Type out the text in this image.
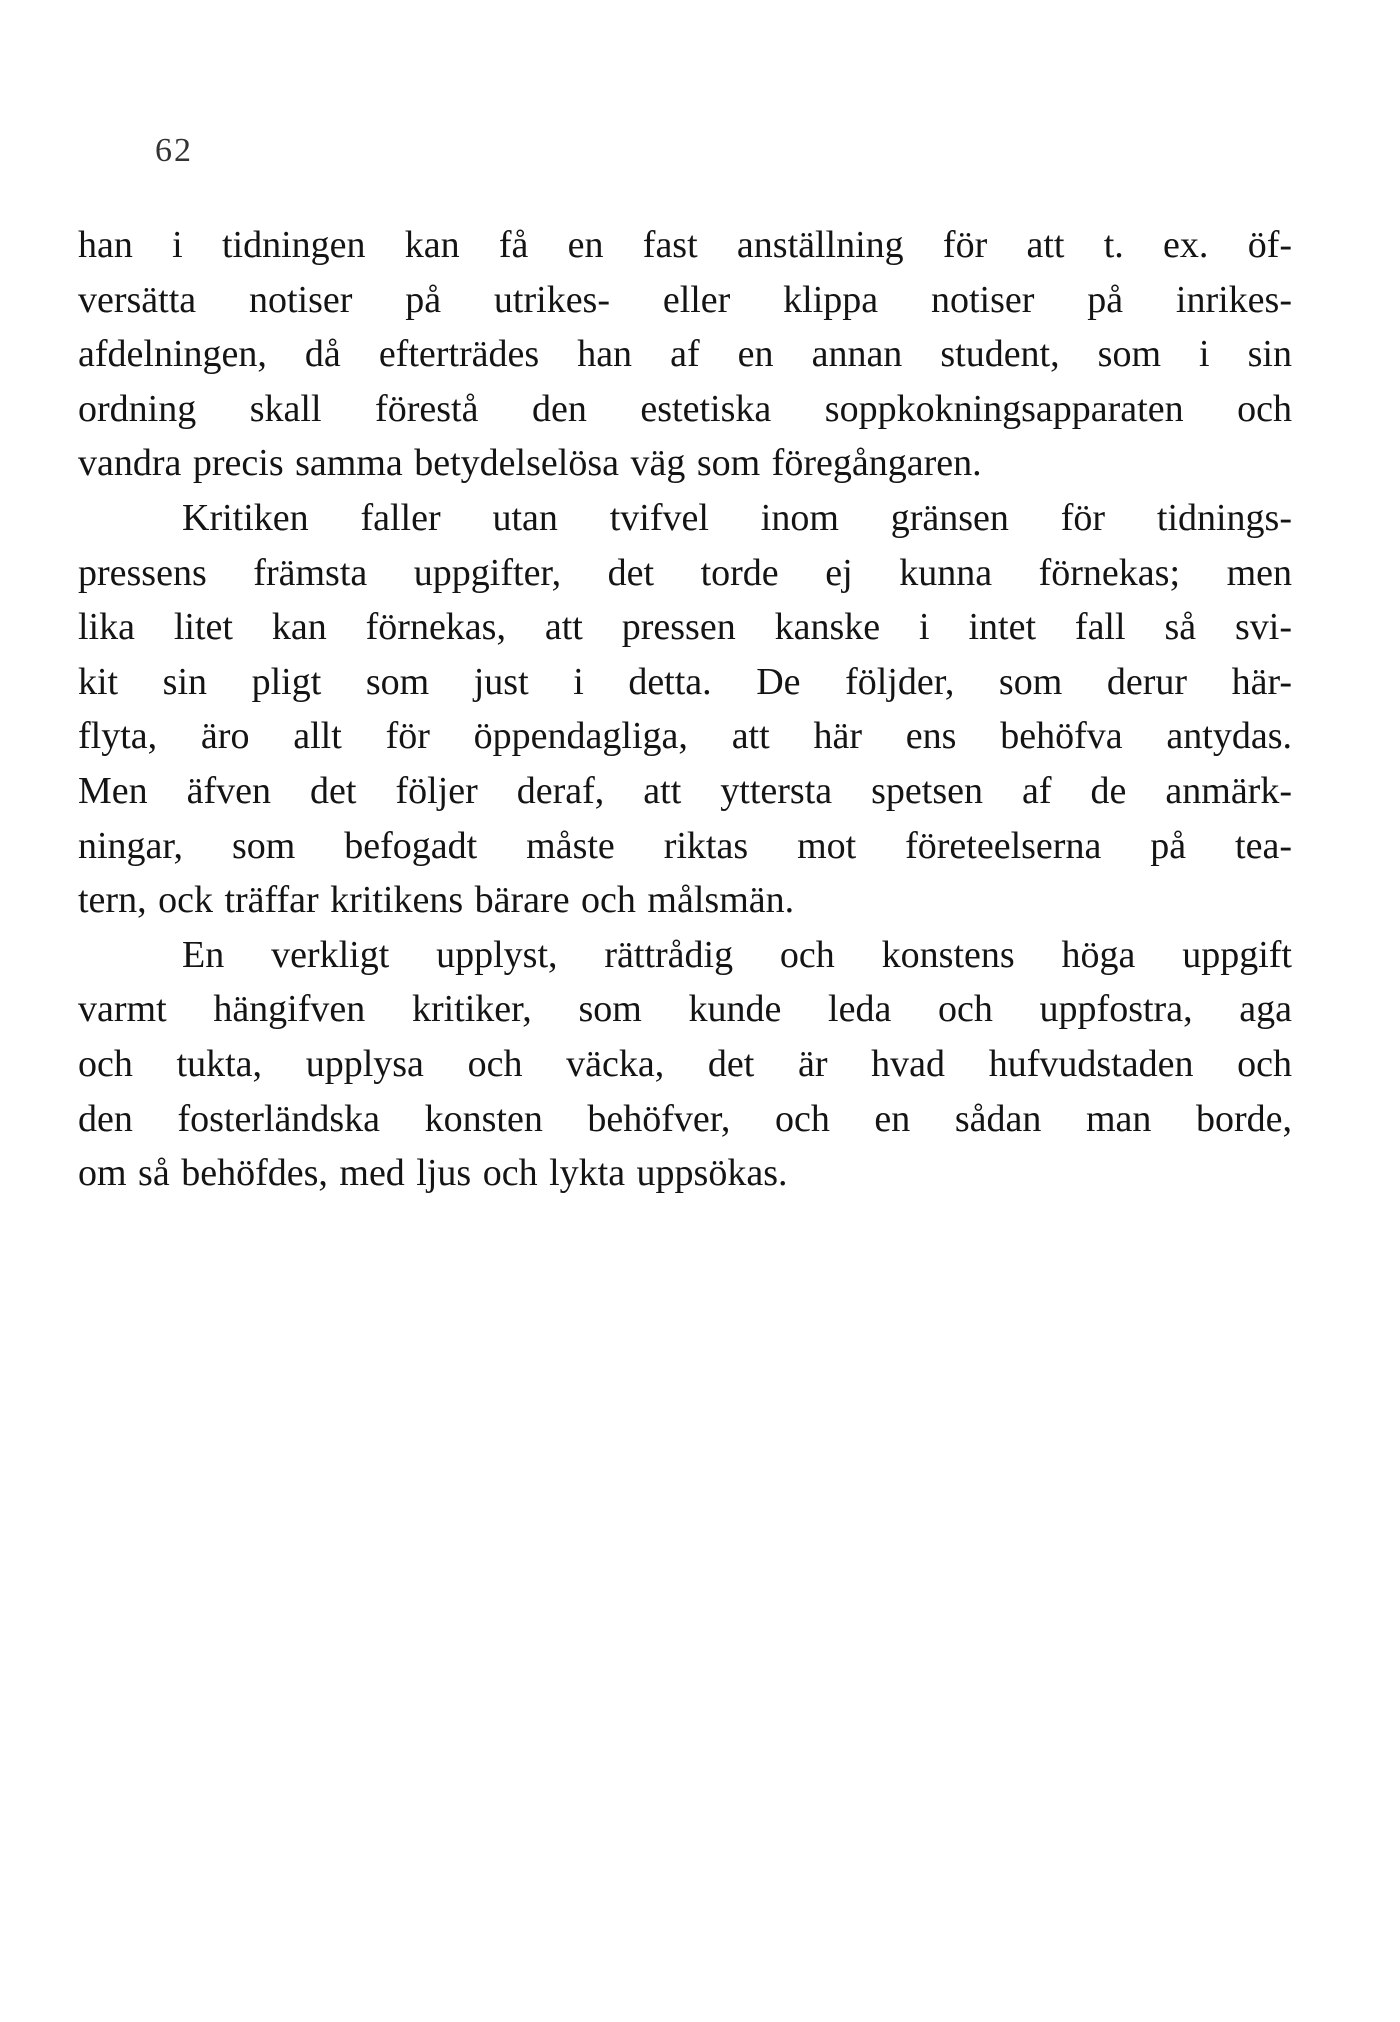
62
han i tidningen kan få en fast anställning för att t. ex. öf-
versätta notiser på utrikes- eller klippa notiser på inrikes-
afdelningen, då efterträdes han af en annan student, som i sin
ordning skall förestå den estetiska soppkokningsapparaten och
vandra precis samma betydelselösa väg som föregångaren.
Kritiken faller utan tvifvel inom gränsen för tidnings-
pressens främsta uppgifter, det torde ej kunna förnekas; men
lika litet kan förnekas, att pressen kanske i intet fall så svi-
kit sin pligt som just i detta. De följder, som derur här-
flyta, äro allt för öppendagliga, att här ens behöfva antydas.
Men äfven det följer deraf, att yttersta spetsen af de anmärk-
ningar, som befogadt måste riktas mot företeelserna på tea-
tern, ock träffar kritikens bärare och målsmän.
En verkligt upplyst, rättrådig och konstens höga uppgift
varmt hängifven kritiker, som kunde leda och uppfostra, aga
och tukta, upplysa och väcka, det är hvad hufvudstaden och
den fosterländska konsten behöfver, och en sådan man borde,
om så behöfdes, med ljus och lykta uppsökas.
